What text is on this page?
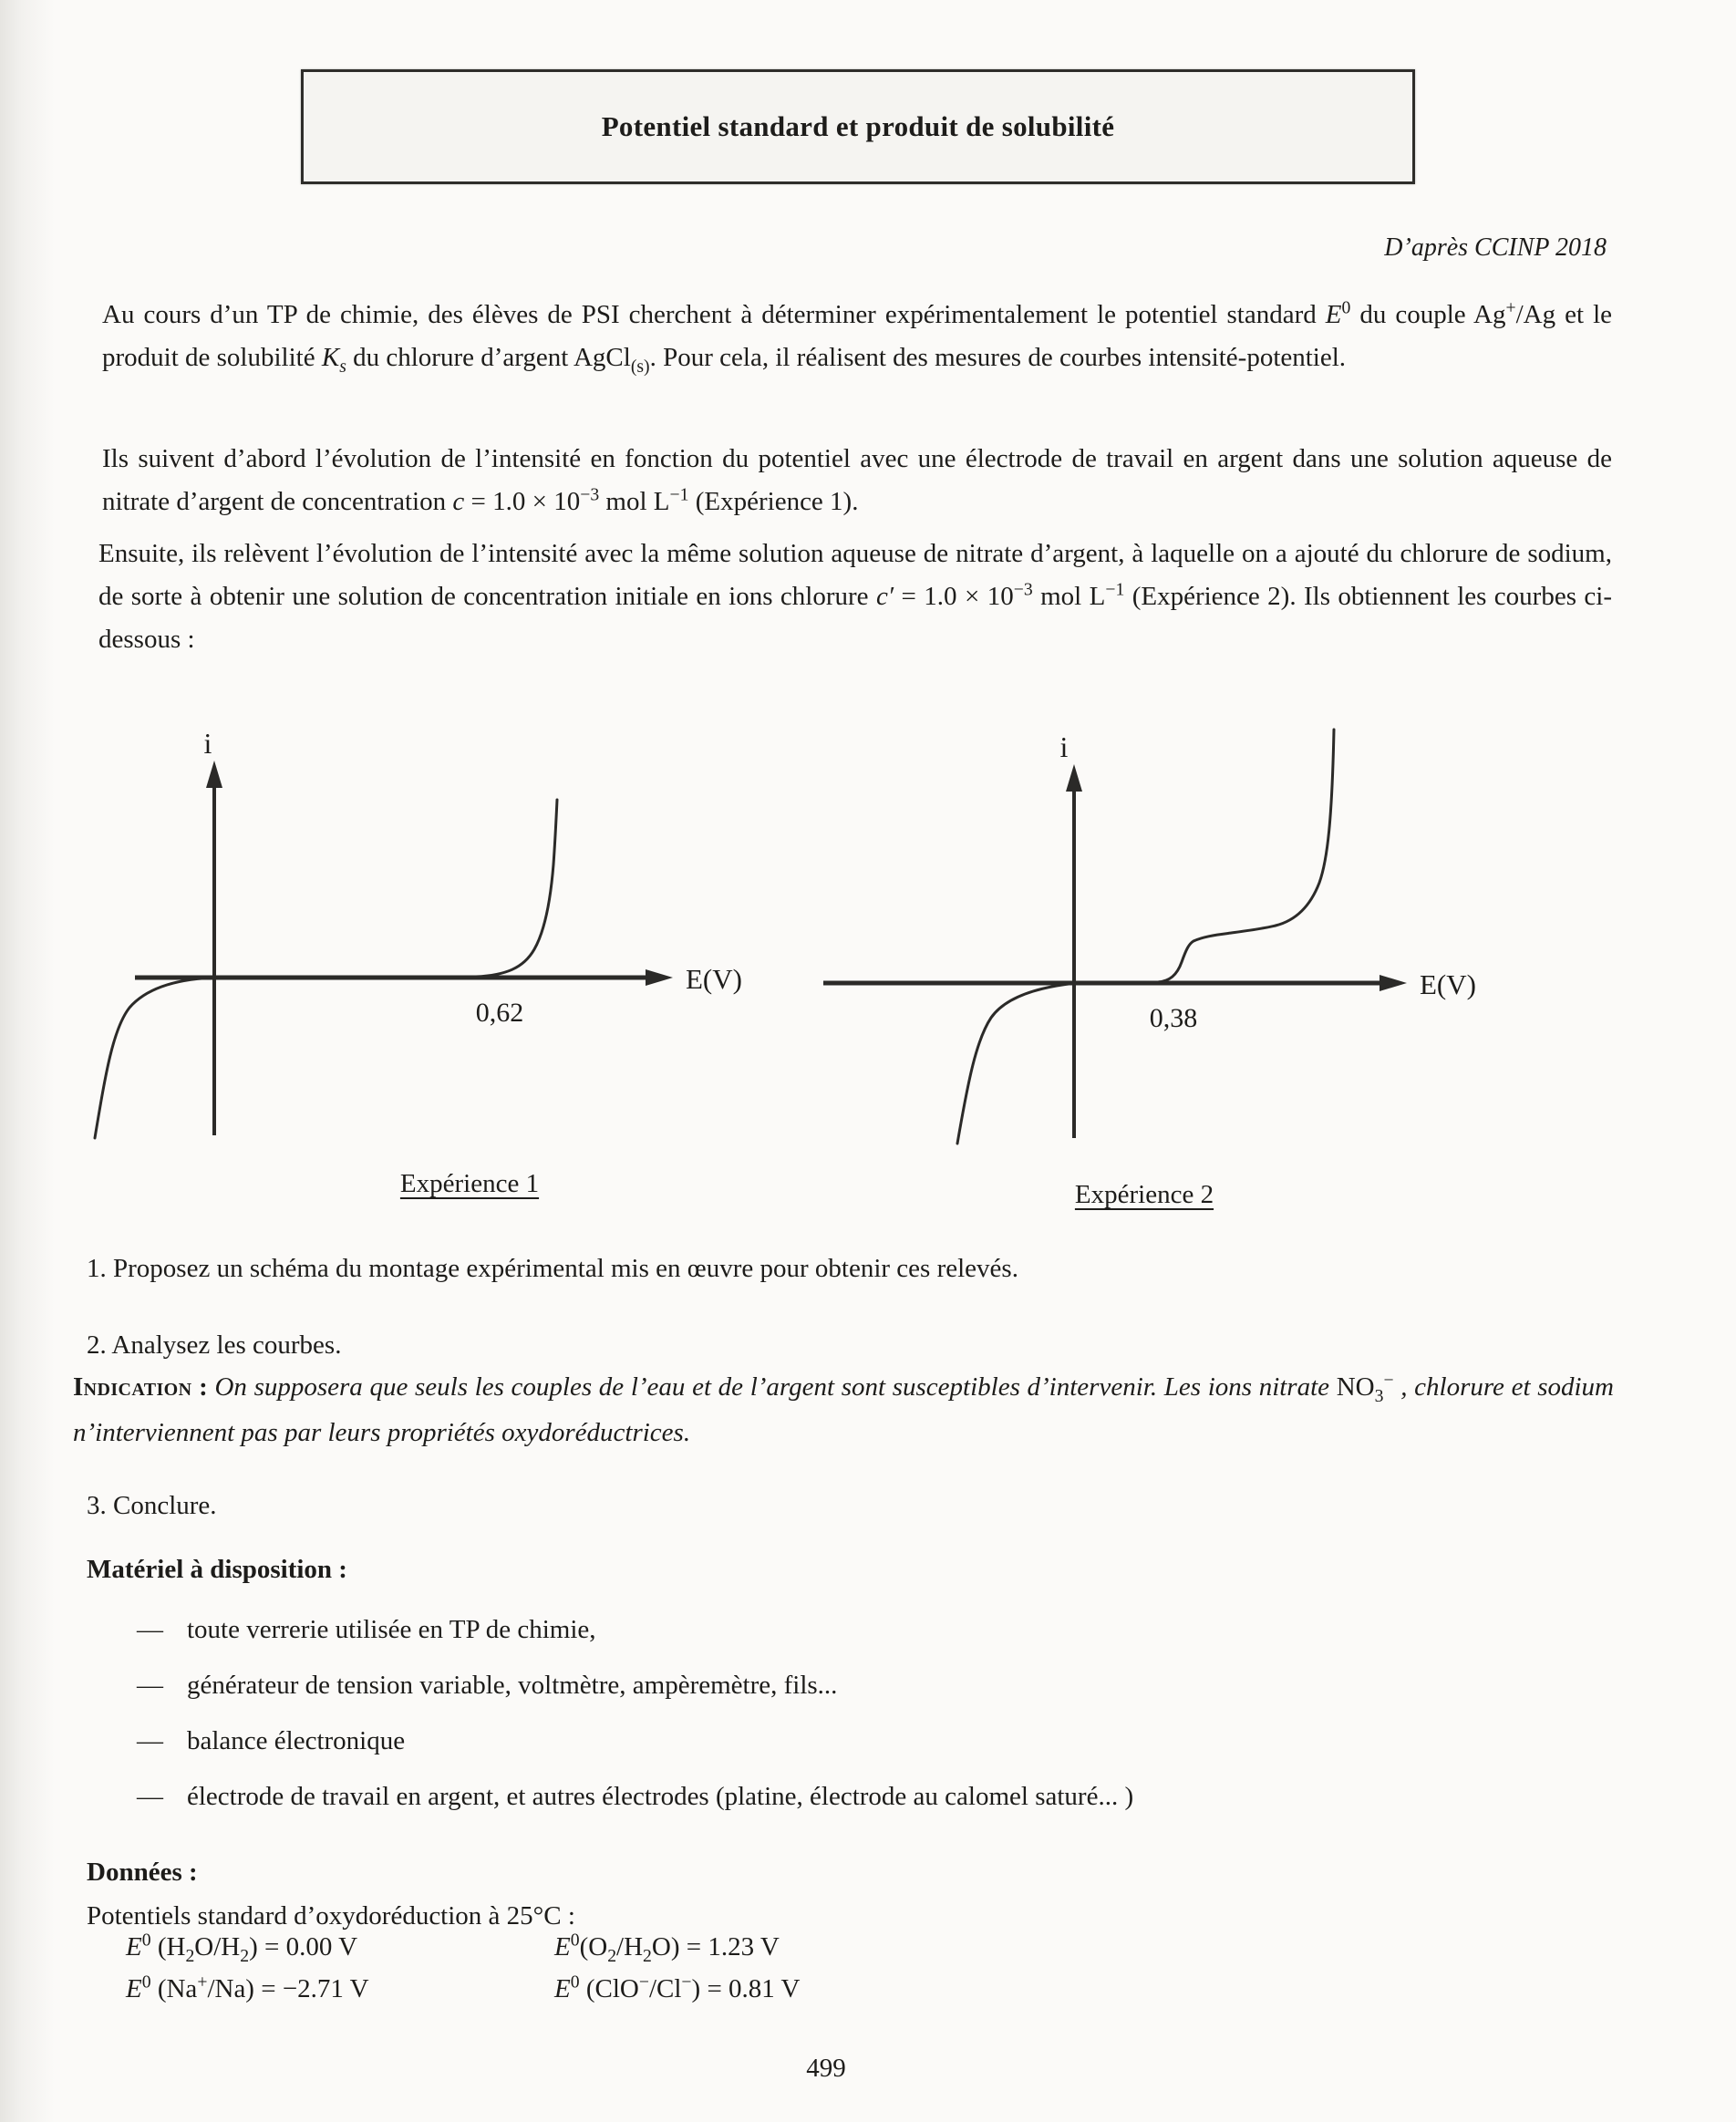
Potentiel standard et produit de solubilité
D’après CCINP 2018
Au cours d’un TP de chimie, des élèves de PSI cherchent à déterminer expérimentalement le potentiel standard $E^0$ du couple Ag+/Ag et le produit de solubilité $K_s$ du chlorure d’argent AgCl$_{(s)}$. Pour cela, il réalisent des mesures de courbes intensité-potentiel.
Ils suivent d’abord l’évolution de l’intensité en fonction du potentiel avec une électrode de travail en argent dans une solution aqueuse de nitrate d’argent de concentration $c = 1.0 \times 10^{-3}$ mol $L^{-1}$ (Expérience 1).
Ensuite, ils relèvent l’évolution de l’intensité avec la même solution aqueuse de nitrate d’argent, à laquelle on a ajouté du chlorure de sodium, de sorte à obtenir une solution de concentration initiale en ions chlorure $c' = 1.0 \times 10^{-3}$ mol $L^{-1}$ (Expérience 2). Ils obtiennent les courbes ci-dessous :
i
E(V)
0,62
Expérience 1
i
E(V)
0,38
Expérience 2
1. Proposez un schéma du montage expérimental mis en œuvre pour obtenir ces relevés.
2. Analysez les courbes.
Indication : On supposera que seuls les couples de l’eau et de l’argent sont susceptibles d’intervenir. Les ions nitrate $NO_3^-$ , chlorure et sodium n’interviennent pas par leurs propriétés oxydoréductrices.
3. Conclure.
Matériel à disposition :
— toute verrerie utilisée en TP de chimie,
— générateur de tension variable, voltmètre, ampèremètre, fils...
— balance électronique
— électrode de travail en argent, et autres électrodes (platine, électrode au calomel saturé... )
Données :
Potentiels standard d’oxydoréduction à 25°C :
$E^0$ $(H_2O/H_2) = 0.00$ V	$E^0(O_2/H_2O) = 1.23$ V
$E^0$ (Na+/Na) = −2.71 V	$E^0$ (ClO−/Cl−) = 0.81 V
499
